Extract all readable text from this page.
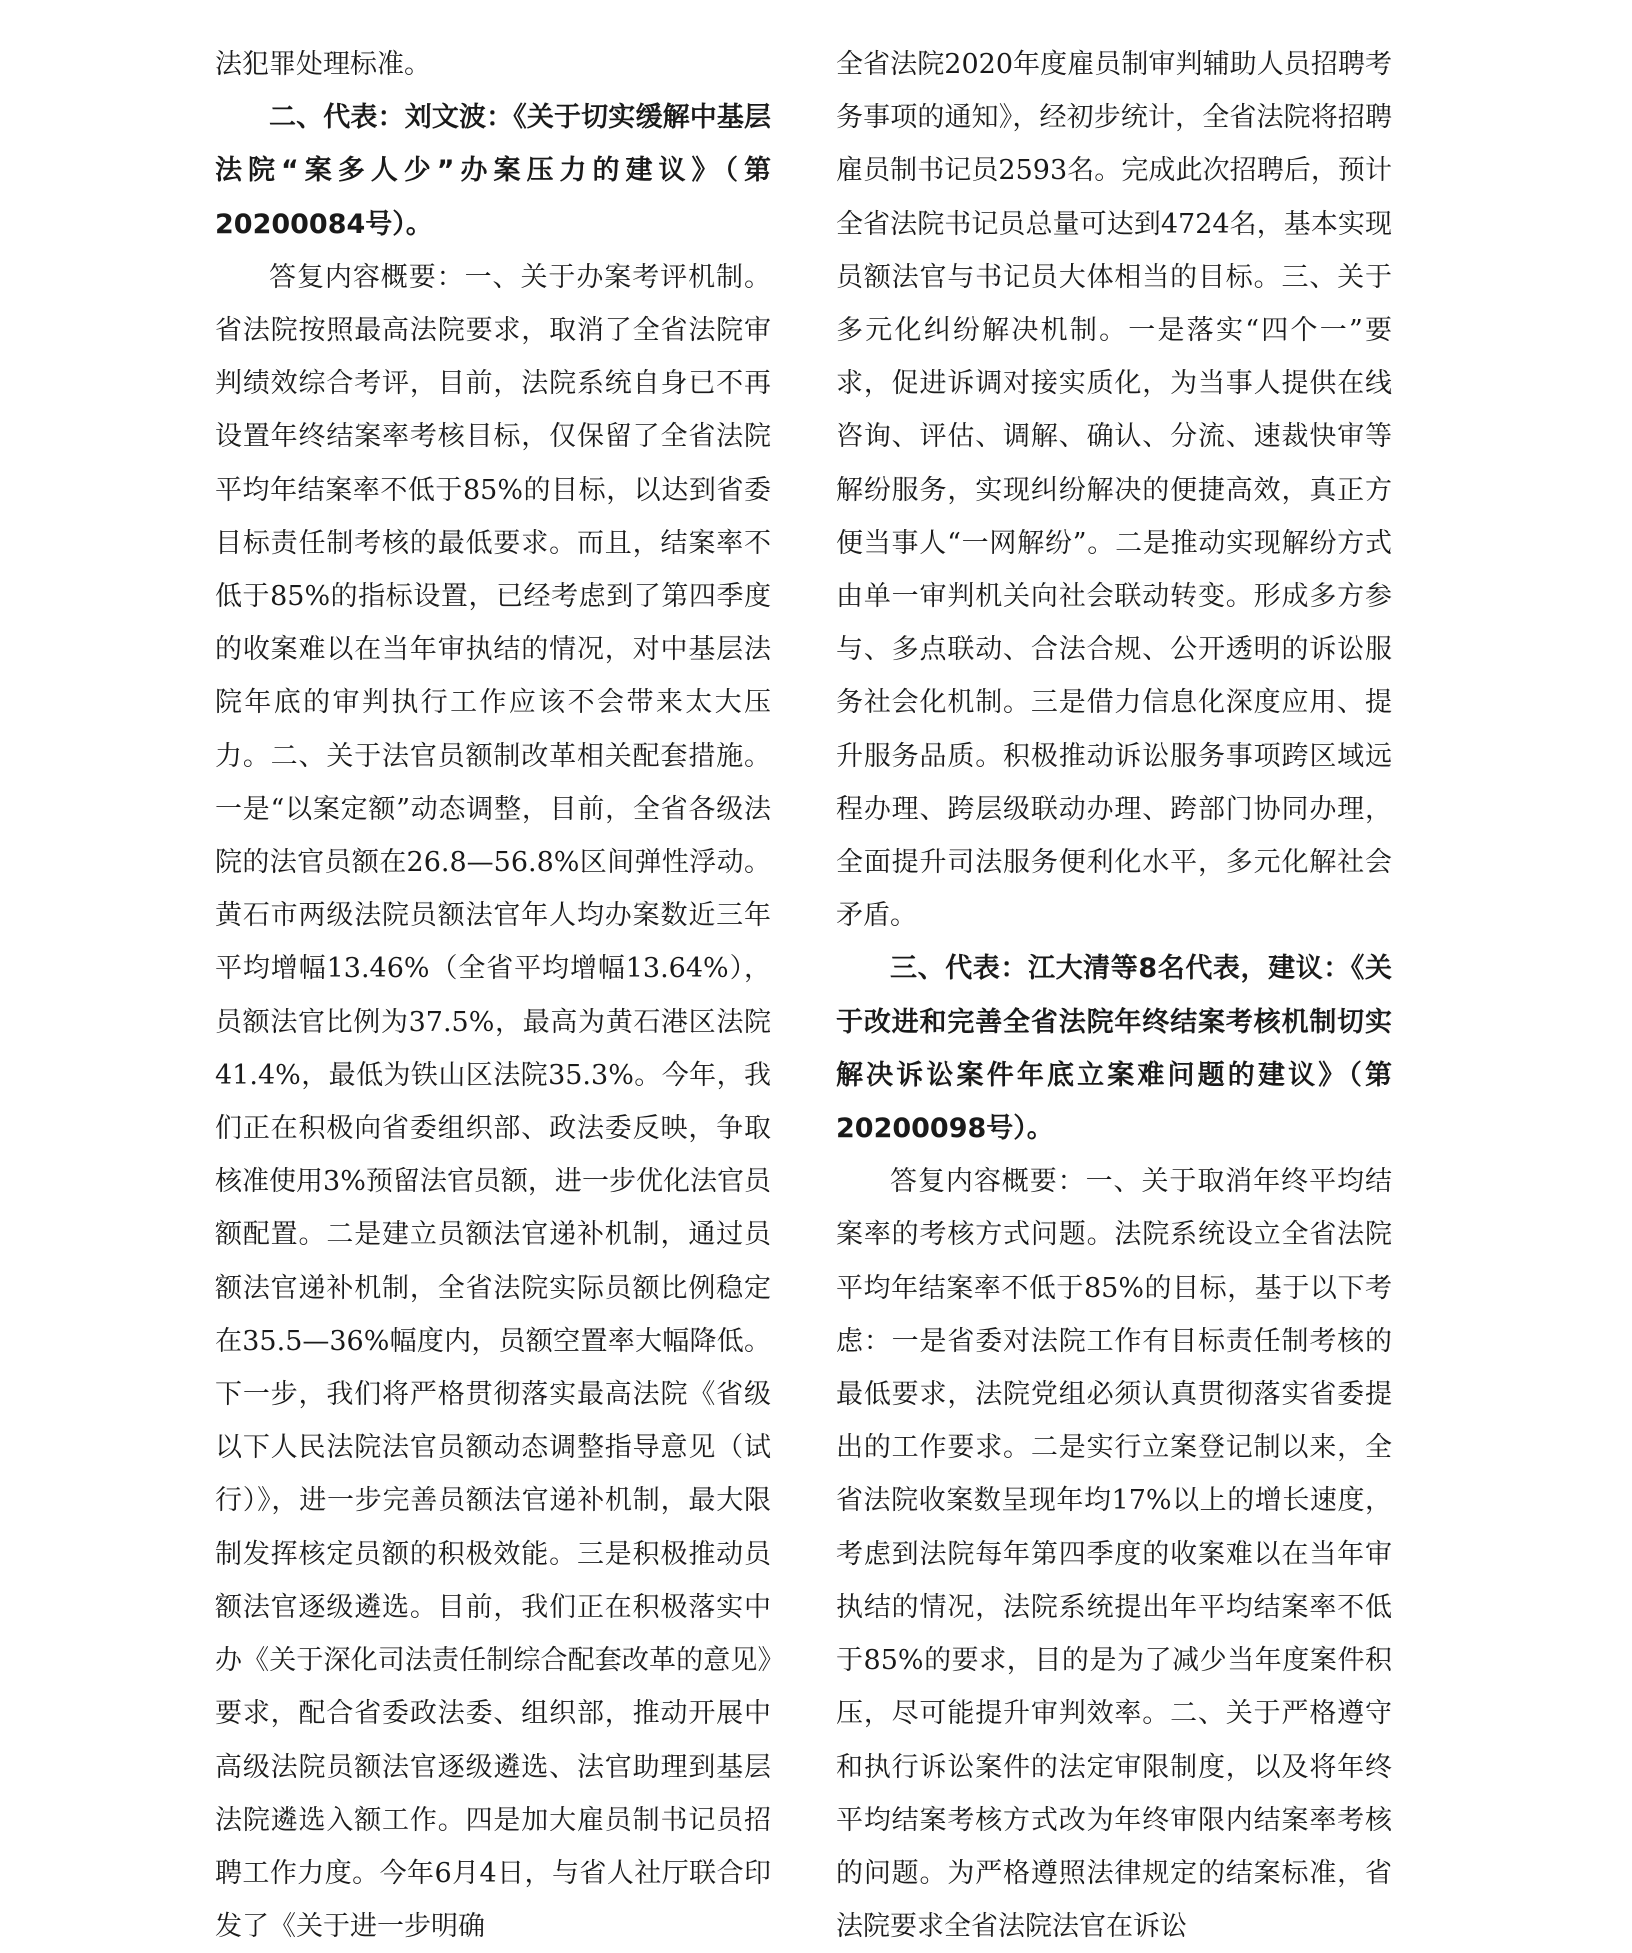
法犯罪处理标准。

二、代表：刘文波：《关于切实缓解中基层法院“案多人少”办案压力的建议》（第20200084号）。

答复内容概要：一、关于办案考评机制。省法院按照最高法院要求，取消了全省法院审判绩效综合考评，目前，法院系统自身已不再设置年终结案率考核目标，仅保留了全省法院平均年结案率不低于85%的目标，以达到省委目标责任制考核的最低要求。而且，结案率不低于85%的指标设置，已经考虑到了第四季度的收案难以在当年审执结的情况，对中基层法院年底的审判执行工作应该不会带来太大压力。二、关于法官员额制改革相关配套措施。一是“以案定额”动态调整，目前，全省各级法院的法官员额在26.8—56.8%区间弹性浮动。黄石市两级法院员额法官年人均办案数近三年平均增幅13.46%（全省平均增幅13.64%），员额法官比例为37.5%，最高为黄石港区法院41.4%，最低为铁山区法院35.3%。今年，我们正在积极向省委组织部、政法委反映，争取核准使用3%预留法官员额，进一步优化法官员额配置。二是建立员额法官递补机制，通过员额法官递补机制，全省法院实际员额比例稳定在35.5—36%幅度内，员额空置率大幅降低。下一步，我们将严格贯彻落实最高法院《省级以下人民法院法官员额动态调整指导意见（试行）》，进一步完善员额法官递补机制，最大限制发挥核定员额的积极效能。三是积极推动员额法官逐级遴选。目前，我们正在积极落实中办《关于深化司法责任制综合配套改革的意见》要求，配合省委政法委、组织部，推动开展中高级法院员额法官逐级遴选、法官助理到基层法院遴选入额工作。四是加大雇员制书记员招聘工作力度。今年6月4日，与省人社厅联合印发了《关于进一步明确

全省法院2020年度雇员制审判辅助人员招聘考务事项的通知》，经初步统计，全省法院将招聘雇员制书记员2593名。完成此次招聘后，预计全省法院书记员总量可达到4724名，基本实现员额法官与书记员大体相当的目标。三、关于多元化纠纷解决机制。一是落实“四个一”要求，促进诉调对接实质化，为当事人提供在线咨询、评估、调解、确认、分流、速裁快审等解纷服务，实现纠纷解决的便捷高效，真正方便当事人“一网解纷”。二是推动实现解纷方式由单一审判机关向社会联动转变。形成多方参与、多点联动、合法合规、公开透明的诉讼服务社会化机制。三是借力信息化深度应用、提升服务品质。积极推动诉讼服务事项跨区域远程办理、跨层级联动办理、跨部门协同办理，全面提升司法服务便利化水平，多元化解社会矛盾。

三、代表：江大清等8名代表，建议：《关于改进和完善全省法院年终结案考核机制切实解决诉讼案件年底立案难问题的建议》（第20200098号）。

答复内容概要：一、关于取消年终平均结案率的考核方式问题。法院系统设立全省法院平均年结案率不低于85%的目标，基于以下考虑：一是省委对法院工作有目标责任制考核的最低要求，法院党组必须认真贯彻落实省委提出的工作要求。二是实行立案登记制以来，全省法院收案数呈现年均17%以上的增长速度，考虑到法院每年第四季度的收案难以在当年审执结的情况，法院系统提出年平均结案率不低于85%的要求，目的是为了减少当年度案件积压，尽可能提升审判效率。二、关于严格遵守和执行诉讼案件的法定审限制度，以及将年终平均结案考核方式改为年终审限内结案率考核的问题。为严格遵照法律规定的结案标准，省法院要求全省法院法官在诉讼
